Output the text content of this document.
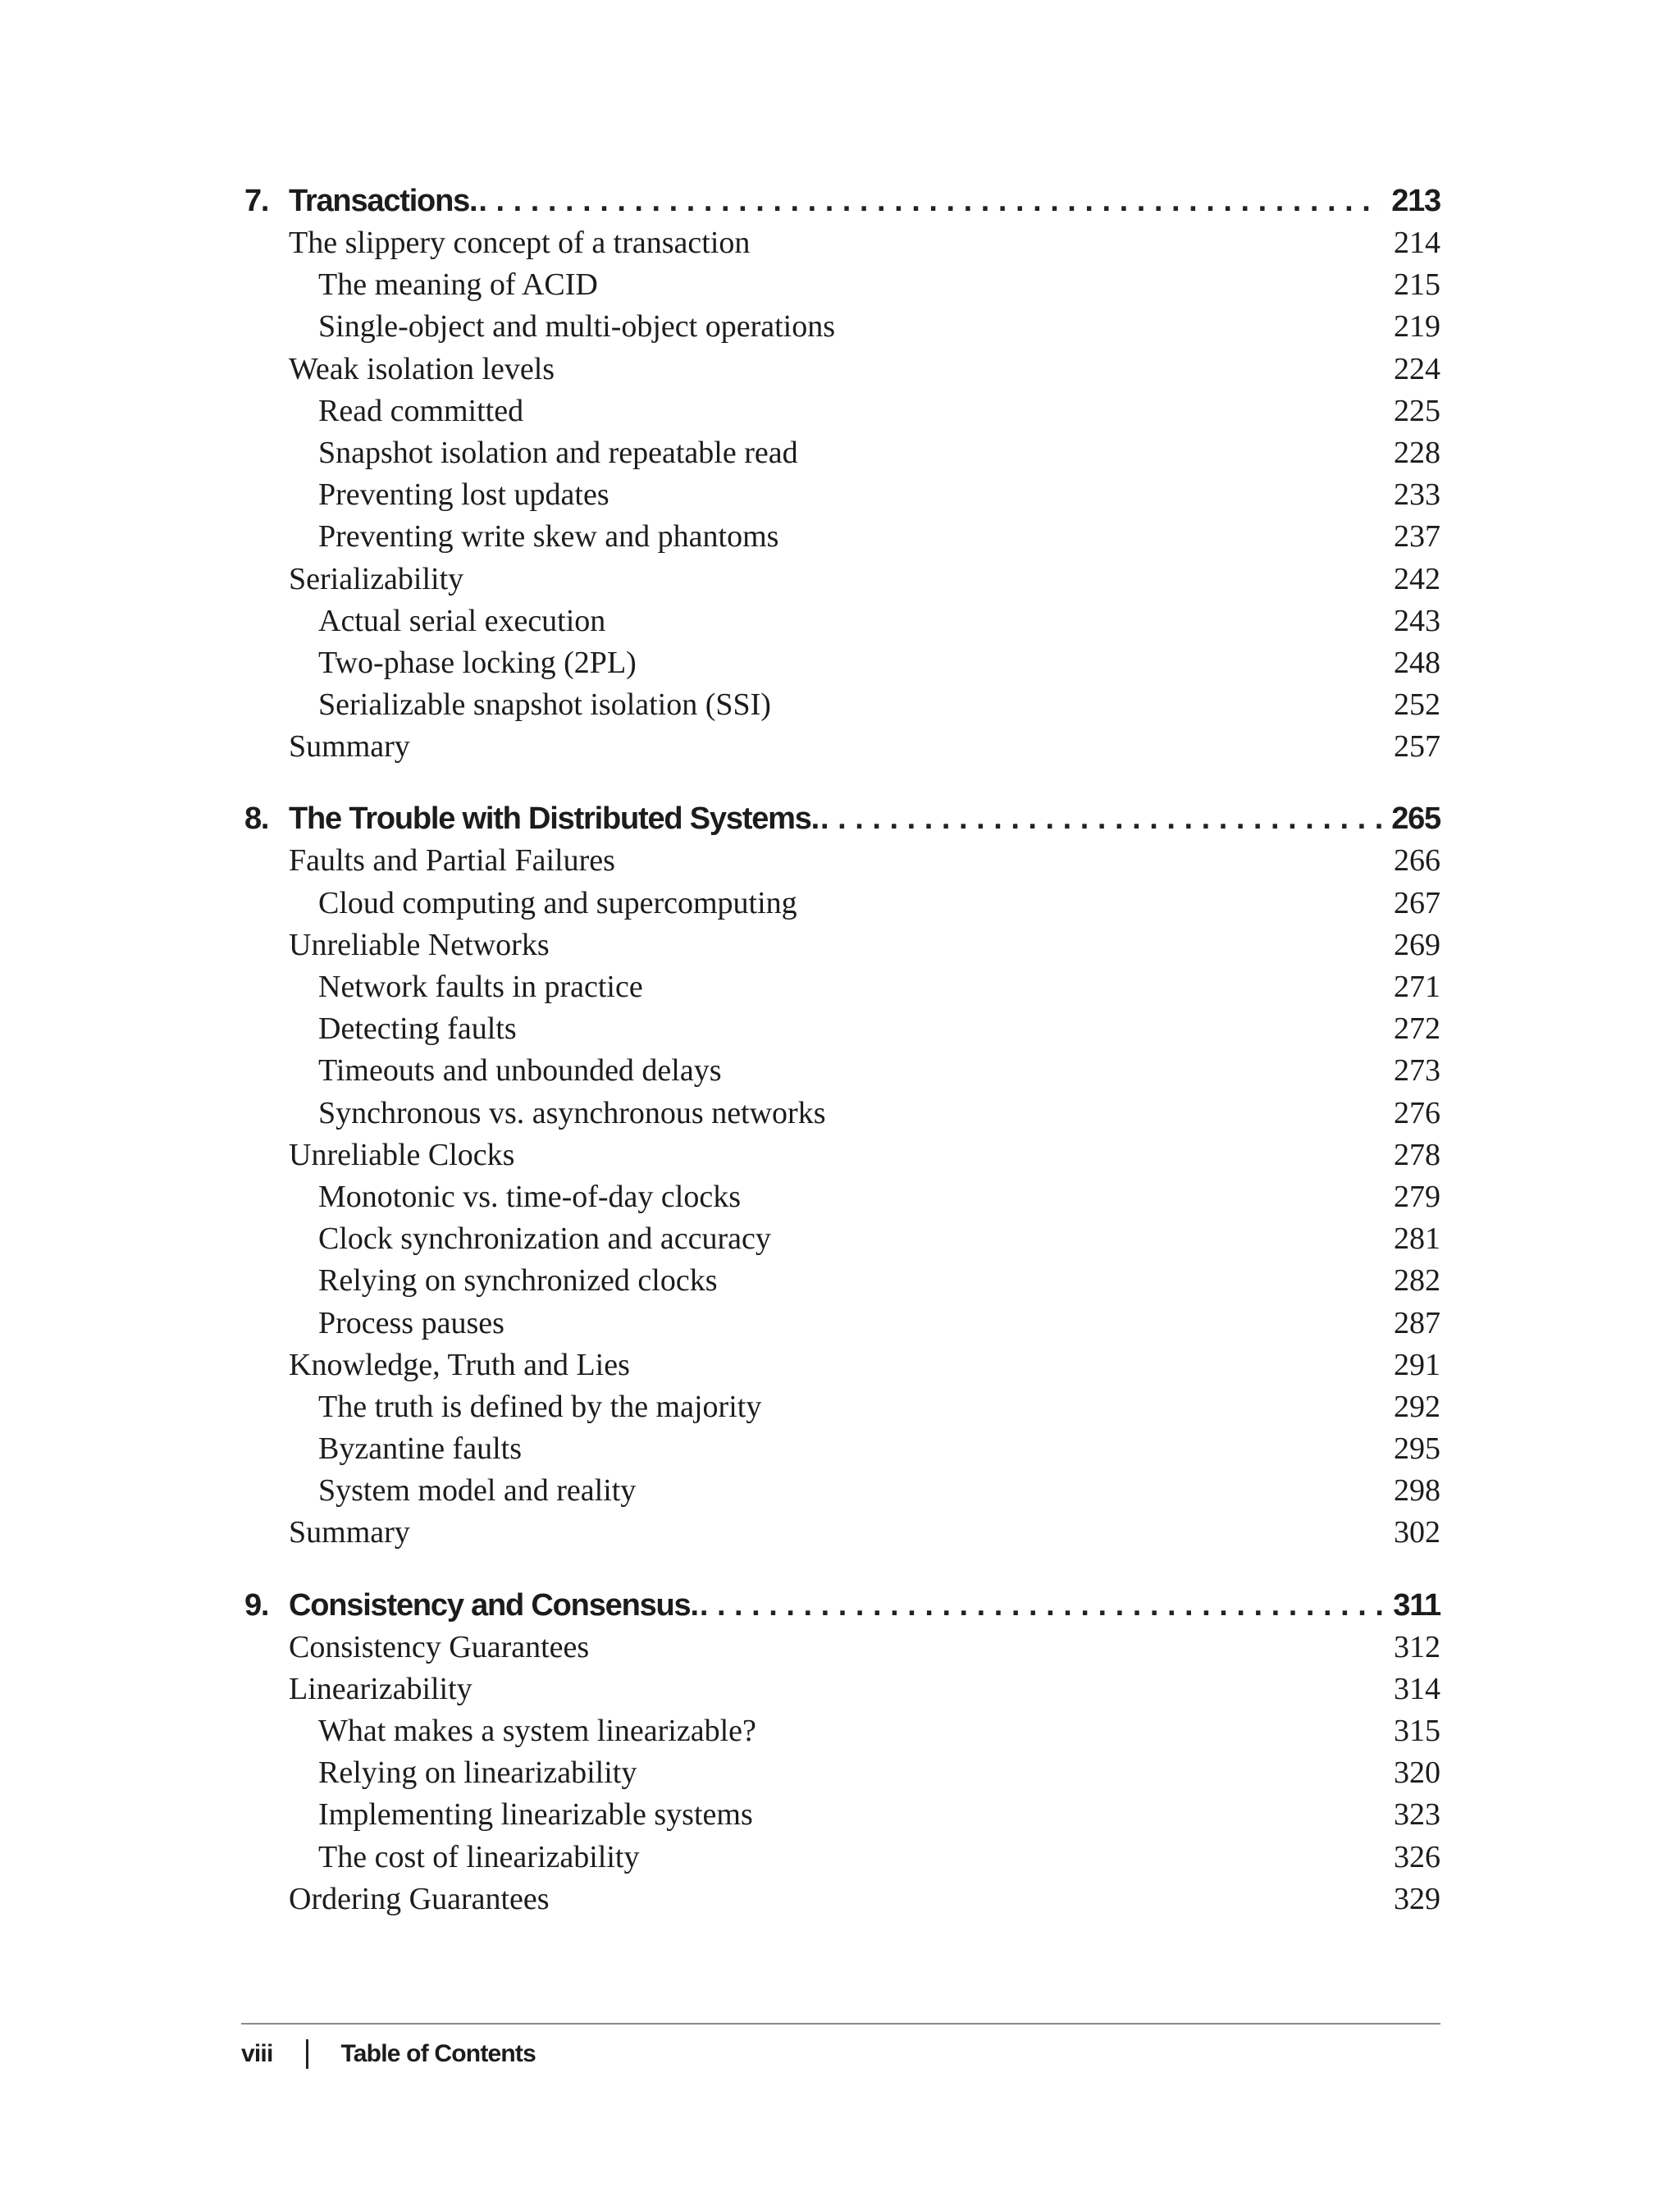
7. Transactions. . . .	213
The slippery concept of a transaction	214
The meaning of ACID	215
Single-object and multi-object operations	219
Weak isolation levels	224
Read committed	225
Snapshot isolation and repeatable read	228
Preventing lost updates	233
Preventing write skew and phantoms	237
Serializability	242
Actual serial execution	243
Two-phase locking (2PL)	248
Serializable snapshot isolation (SSI)	252
Summary	257
8. The Trouble with Distributed Systems. . . .	265
Faults and Partial Failures	266
Cloud computing and supercomputing	267
Unreliable Networks	269
Network faults in practice	271
Detecting faults	272
Timeouts and unbounded delays	273
Synchronous vs. asynchronous networks	276
Unreliable Clocks	278
Monotonic vs. time-of-day clocks	279
Clock synchronization and accuracy	281
Relying on synchronized clocks	282
Process pauses	287
Knowledge, Truth and Lies	291
The truth is defined by the majority	292
Byzantine faults	295
System model and reality	298
Summary	302
9. Consistency and Consensus. . . .	311
Consistency Guarantees	312
Linearizability	314
What makes a system linearizable?	315
Relying on linearizability	320
Implementing linearizable systems	323
The cost of linearizability	326
Ordering Guarantees	329
viii	Table of Contents
